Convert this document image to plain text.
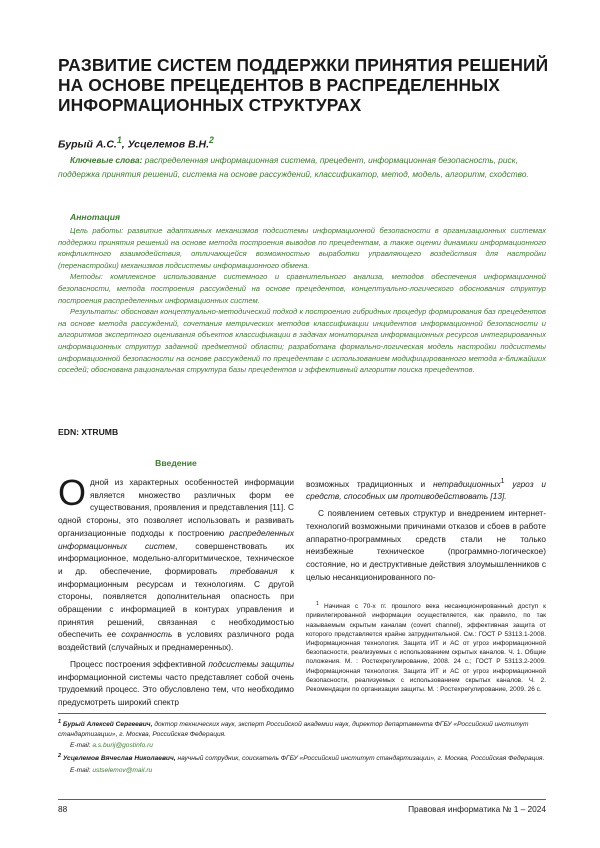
РАЗВИТИЕ СИСТЕМ ПОДДЕРЖКИ ПРИНЯТИЯ РЕШЕНИЙ
НА ОСНОВЕ ПРЕЦЕДЕНТОВ В РАСПРЕДЕЛЕННЫХ
ИНФОРМАЦИОННЫХ СТРУКТУРАХ
Бурый А.С.$^1$, Усцелемов В.Н.$^2$
Ключевые слова: распределенная информационная система, прецедент, информационная безопасность, риск, поддержка принятия решений, система на основе рассуждений, классификатор, метод, модель, алгоритм, сходство.
Аннотация

Цель работы: развитие адаптивных механизмов подсистемы информационной безопасности в организационных системах поддержки принятия решений на основе метода построения выводов по прецедентам, а также оценки динамики информационного конфликтного взаимодействия, отличающейся возможностью выработки управляющего воздействия для настройки (перенастройки) механизмов подсистемы информационного обмена.

Методы: комплексное использование системного и сравнительного анализа, методов обеспечения информационной безопасности, метода построения рассуждений на основе прецедентов, концептуально-логического обоснования структур построения распределенных информационных систем.

Результаты: обоснован концептуально-методический подход к построению гибридных процедур формирования баз прецедентов на основе метода рассуждений, сочетания метрических методов классификации инцидентов информационной безопасности и алгоритмов экспертного оценивания объектов классификации в задачах мониторинга информационных ресурсов интегрированных информационных структур заданной предметной области; разработана формально-логическая модель настройки подсистемы информационной безопасности на основе рассуждений по прецедентам с использованием модифицированного метода к-ближайших соседей; обоснована рациональная структура базы прецедентов и эффективный алгоритм поиска прецедентов.

EDN: XTRUMB
Введение

Одной из характерных особенностей информации является множество различных форм ее существования, проявления и представления [11]. С одной стороны, это позволяет использовать и развивать организационные подходы к построению распределенных информационных систем, совершенствовать их информационное, модельно-алгоритмическое, техническое и др. обеспечение, формировать требования к информационным ресурсам и технологиям. С другой стороны, появляется дополнительная опасность при обращении с информацией в контурах управления и принятия решений, связанная с необходимостью обеспечить ее сохранность в условиях различного рода воздействий (случайных и преднамеренных).

Процесс построения эффективной подсистемы защиты информационной системы часто представляет собой очень трудоемкий процесс. Это обусловлено тем, что необходимо предусмотреть широкий спектр

возможных традиционных и нетрадиционных$^1$ угроз и средств, способных им противодействовать [13].

С появлением сетевых структур и внедрением интернет-технологий возможными причинами отказов и сбоев в работе аппаратно-программных средств стали не только неизбежные техническое (программно-логическое) состояние, но и деструктивные действия злоумышленников с целью несанкционированного по-

$^1$ Начиная с 70-х гг. прошлого века несанкционированный доступ к привилегированной информации осуществляется, как правило, по так называемым скрытым каналам (covert channel), эффективная защита от которого представляется крайне затруднительной. См.: ГОСТ Р 53113.1-2008. Информационная технология. Защита ИТ и АС от угроз информационной безопасности, реализуемых с использованием скрытых каналов. Ч. 1. Общие положения. М. : Ростехрегулирование, 2008. 24 с.; ГОСТ Р 53113.2-2009. Информационная технология. Защита ИТ и АС от угроз информационной безопасности, реализуемых с использованием скрытых каналов. Ч. 2. Рекомендации по организации защиты. М. : Ростехрегулирование, 2009. 26 с.

$^1$ Бурый Алексей Сергеевич, доктор технических наук, эксперт Российской академии наук, директор департамента ФГБУ «Российский институт стандартизации», г. Москва, Российская Федерация.

E-mail: a.s.burij@gostinfo.ru

$^2$ Усцелемов Вячеслав Николаевич, научный сотрудник, соискатель ФГБУ «Российский институт стандартизации», г. Москва, Российская Федерация.

E-mail: ustselemov@mail.ru

88	Правовая информатика № 1 – 2024
